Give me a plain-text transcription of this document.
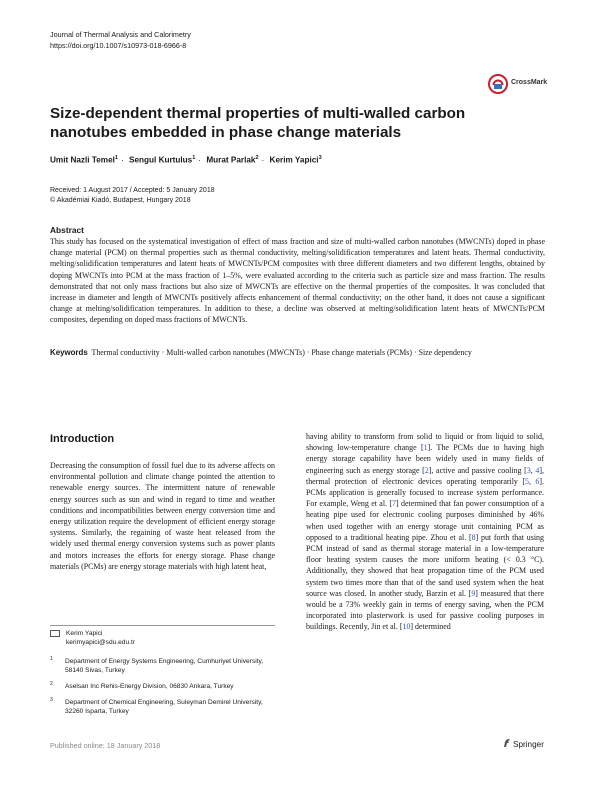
Journal of Thermal Analysis and Calorimetry
https://doi.org/10.1007/s10973-018-6966-8
CrossMark
Size-dependent thermal properties of multi-walled carbon nanotubes embedded in phase change materials
Umit Nazli Temel$^1$ · Sengul Kurtulus$^1$ · Murat Parlak$^2$ · Kerim Yapici$^3$
Received: 1 August 2017 / Accepted: 5 January 2018
© Akadémiai Kiadó, Budapest, Hungary 2018
Abstract
This study has focused on the systematical investigation of effect of mass fraction and size of multi-walled carbon nanotubes (MWCNTs) doped in phase change material (PCM) on thermal properties such as thermal conductivity, melting/solidification temperatures and latent heats. Thermal conductivity, melting/solidification temperatures and latent heats of MWCNTs/PCM composites with three different diameters and two different lengths, obtained by doping MWCNTs into PCM at the mass fraction of 1–5%, were evaluated according to the criteria such as particle size and mass fraction. The results demonstrated that not only mass fractions but also size of MWCNTs are effective on the thermal properties of the composites. It was concluded that increase in diameter and length of MWCNTs positively affects enhancement of thermal conductivity; on the other hand, it does not cause a significant change at melting/solidification temperatures. In addition to these, a decline was observed at melting/solidification latent heats of MWCNTs/PCM composites, depending on doped mass fractions of MWCNTs.
Keywords Thermal conductivity · Multi-walled carbon nanotubes (MWCNTs) · Phase change materials (PCMs) · Size dependency
Introduction
Decreasing the consumption of fossil fuel due to its adverse affects on environmental pollution and climate change pointed the attention to renewable energy sources. The intermittent nature of renewable energy sources such as sun and wind in regard to time and weather conditions and incompatibilities between energy conversion time and energy utilization require the development of efficient energy storage systems. Similarly, the regaining of waste heat released from the widely used thermal energy conversion systems such as power plants and motors increases the efforts for energy storage. Phase change materials (PCMs) are energy storage materials with high latent heat,
having ability to transform from solid to liquid or from liquid to solid, showing low-temperature change [1]. The PCMs due to having high energy storage capability have been widely used in many fields of engineering such as energy storage [2], active and passive cooling [3, 4], thermal protection of electronic devices operating temporarily [5, 6]. PCMs application is generally focused to increase system performance. For example, Weng et al. [7] determined that fan power consumption of a heating pipe used for electronic cooling purposes diminished by 46% when used together with an energy storage unit containing PCM as opposed to a traditional heating pipe. Zhou et al. [8] put forth that using PCM instead of sand as thermal storage material in a low-temperature floor heating system causes the more uniform heating (< 0.3 °C). Additionally, they showed that heat propagation time of the PCM used system two times more than that of the sand used system when the heat source was closed. In another study, Barzin et al. [9] measured that there would be a 73% weekly gain in terms of energy saving, when the PCM incorporated into plasterwork is used for passive cooling purposes in buildings. Recently, Jin et al. [10] determined
Kerim Yapici
kerimyapici@sdu.edu.tr
1 Department of Energy Systems Engineering, Cumhuriyet University, 58140 Sivas, Turkey
2 Aselsan Inc Rehis-Energy Division, 06830 Ankara, Turkey
3 Department of Chemical Engineering, Suleyman Demirel University, 32260 Isparta, Turkey
Published online: 18 January 2018	Springer
